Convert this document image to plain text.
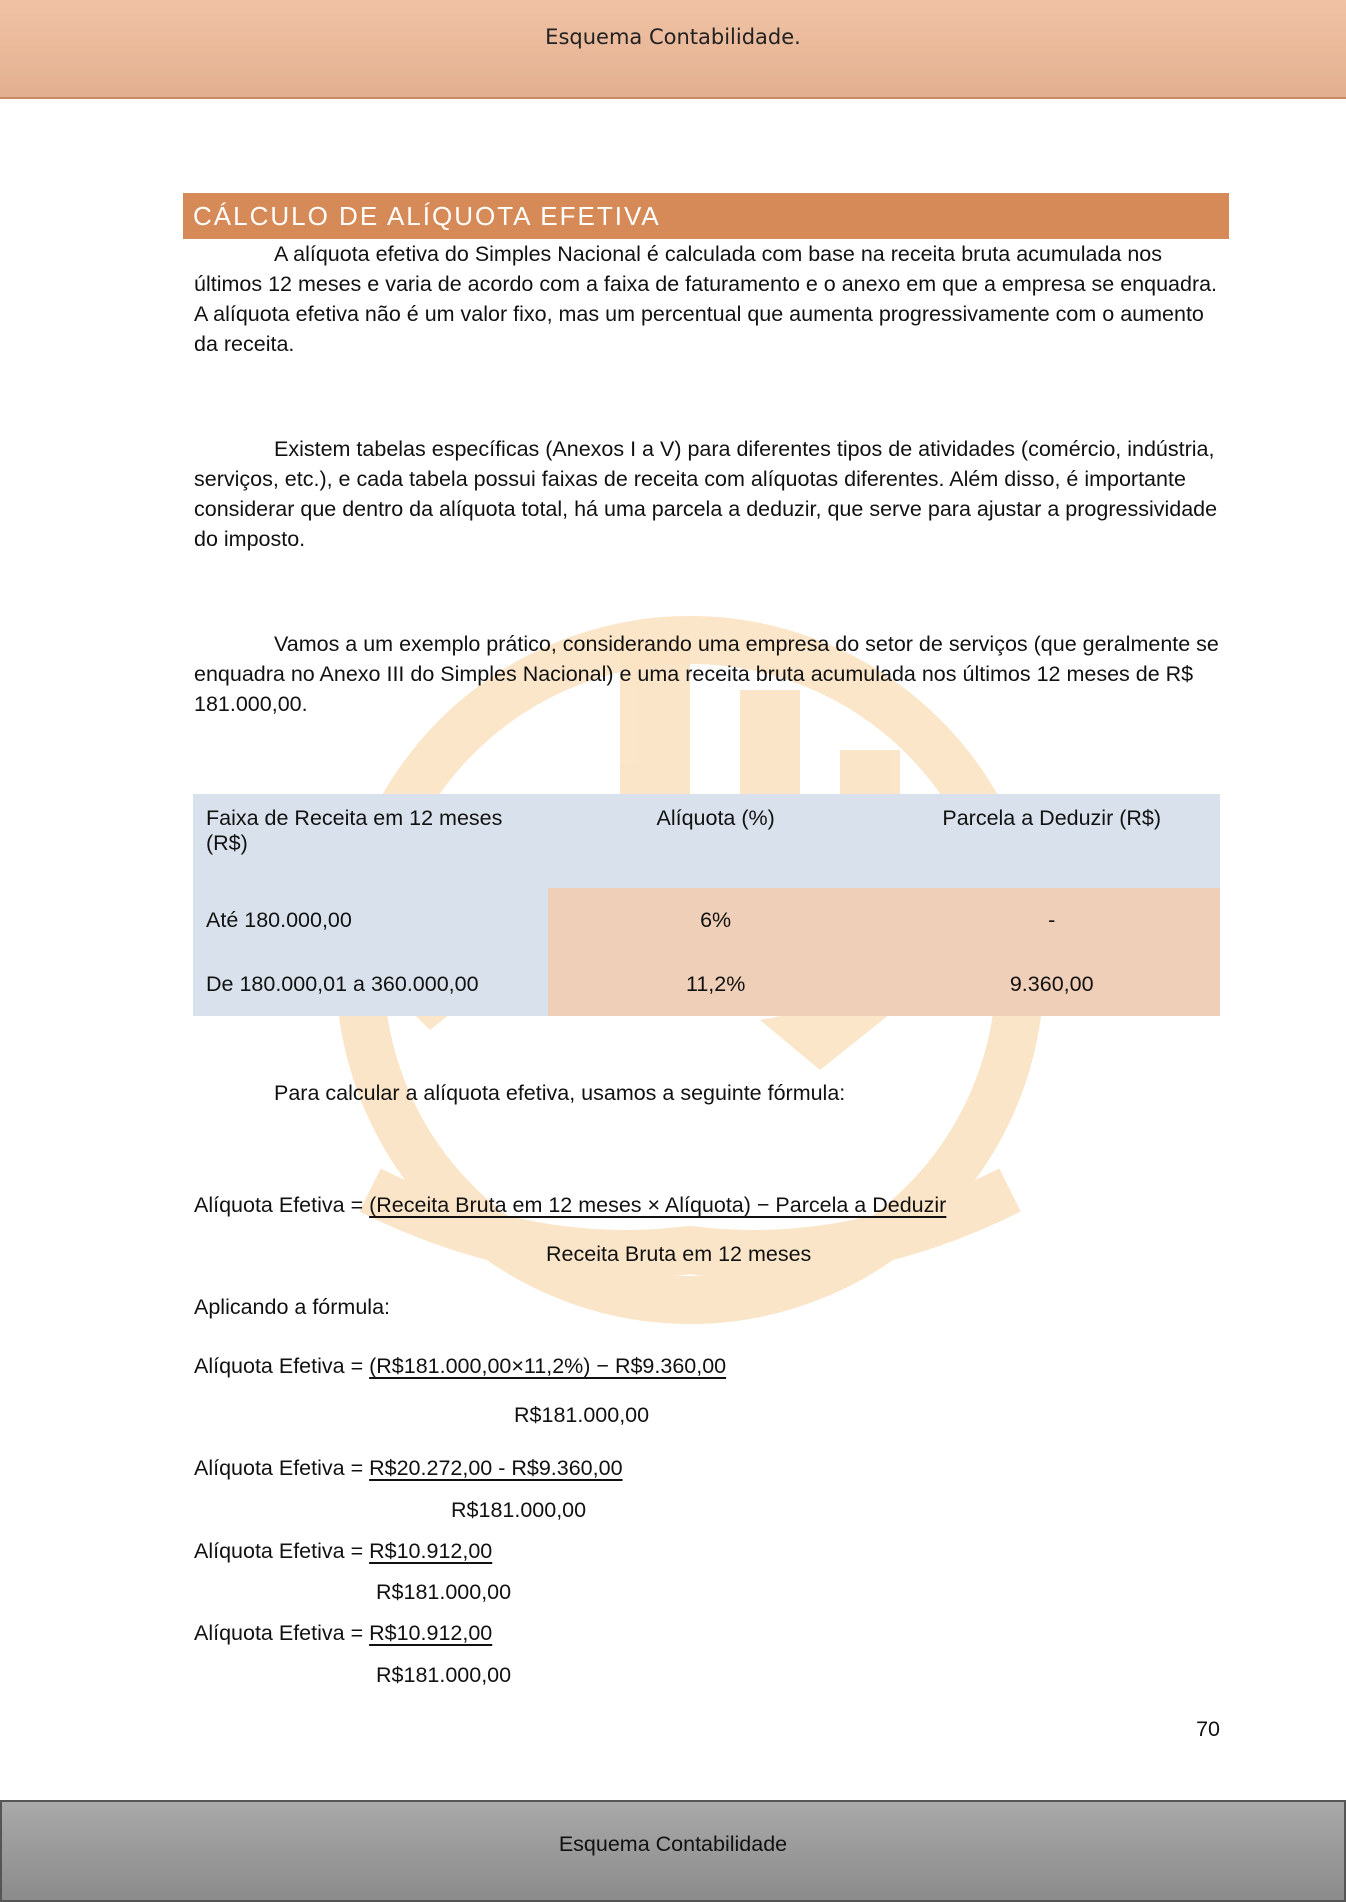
Esquema Contabilidade.
CÁLCULO DE ALÍQUOTA EFETIVA

A alíquota efetiva do Simples Nacional é calculada com base na receita bruta acumulada nos últimos 12 meses e varia de acordo com a faixa de faturamento e o anexo em que a empresa se enquadra. A alíquota efetiva não é um valor fixo, mas um percentual que aumenta progressivamente com o aumento da receita.

Existem tabelas específicas (Anexos I a V) para diferentes tipos de atividades (comércio, indústria, serviços, etc.), e cada tabela possui faixas de receita com alíquotas diferentes. Além disso, é importante considerar que dentro da alíquota total, há uma parcela a deduzir, que serve para ajustar a progressividade do imposto.

Vamos a um exemplo prático, considerando uma empresa do setor de serviços (que geralmente se enquadra no Anexo III do Simples Nacional) e uma receita bruta acumulada nos últimos 12 meses de R$ 181.000,00.

Faixa de Receita em 12 meses (R$)	Alíquota (%)	Parcela a Deduzir (R$)
Até 180.000,00	6%	-
De 180.000,01 a 360.000,00	11,2%	9.360,00
Para calcular a alíquota efetiva, usamos a seguinte fórmula:
Alíquota Efetiva = (Receita Bruta em 12 meses × Alíquota) − Parcela a Deduzir
Receita Bruta em 12 meses
Aplicando a fórmula:
Alíquota Efetiva = (R$181.000,00×11,2%) − R$9.360,00
R$181.000,00
Alíquota Efetiva = R$20.272,00 - R$9.360,00
R$181.000,00
Alíquota Efetiva = R$10.912,00
R$181.000,00
Alíquota Efetiva = R$10.912,00
R$181.000,00
70
Esquema Contabilidade
